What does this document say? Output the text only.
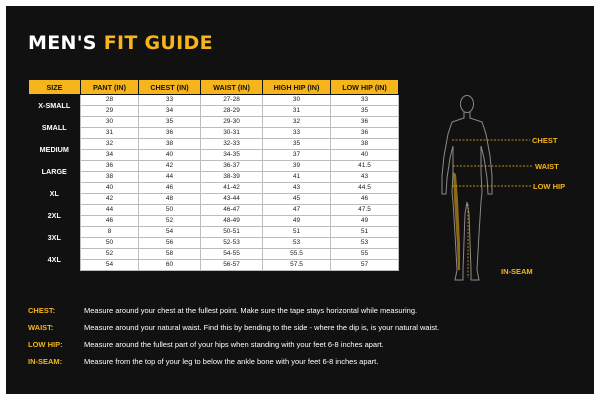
MEN'S FIT GUIDE
SIZE	PANT (IN)	CHEST (IN)	WAIST (IN)	HIGH HIP (IN)	LOW HIP (IN)
X-SMALL	28	33	27-28	30	33
	29	34	28-29	31	35
SMALL	30	35	29-30	32	36
	31	36	30-31	33	36
MEDIUM	32	38	32-33	35	38
	34	40	34-35	37	40
LARGE	36	42	36-37	39	41.5
	38	44	38-39	41	43
XL	40	46	41-42	43	44.5
	42	48	43-44	45	46
2XL	44	50	46-47	47	47.5
	46	52	48-49	49	49
3XL	8	54	50-51	51	51
	50	56	52-53	53	53
4XL	52	58	54-55	55.5	55
	54	60	56-57	57.5	57
CHEST
WAIST
LOW HIP
IN-SEAM
CHEST:	Measure around your chest at the fullest point. Make sure the tape stays horizontal while measuring.
WAIST:	Measure around your natural waist. Find this by bending to the side - where the dip is, is your natural waist.
LOW HIP:	Measure around the fullest part of your hips when standing with your feet 6-8 inches apart.
IN-SEAM:	Measure from the top of your leg to below the ankle bone with your feet 6-8 inches apart.
